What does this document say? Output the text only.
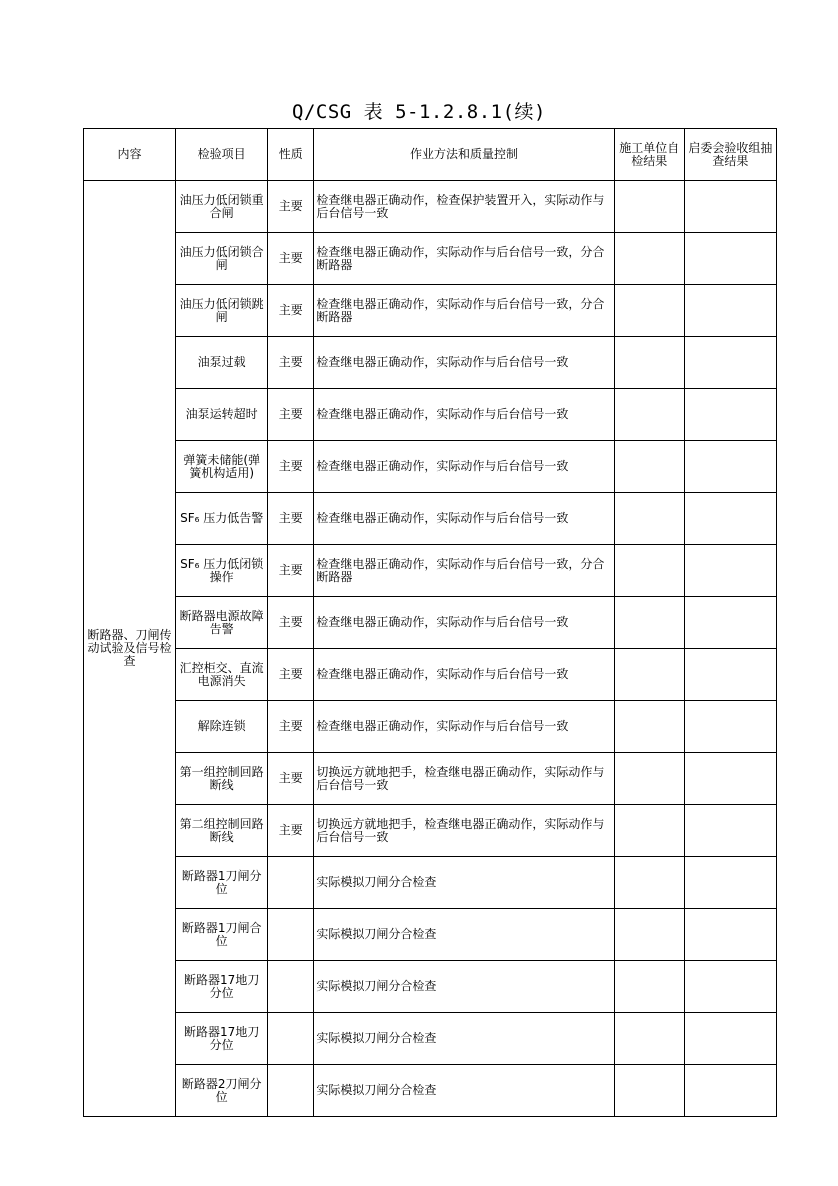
Q/CSG 表 5-1.2.8.1(续)
内容	检验项目	性质	作业方法和质量控制	施工单位自检结果	启委会验收组抽查结果
断路器、刀闸传动试验及信号检查	油压力低闭锁重合闸	主要	检查继电器正确动作，检查保护装置开入，实际动作与后台信号一致		
	油压力低闭锁合闸	主要	检查继电器正确动作，实际动作与后台信号一致，分合断路器		
	油压力低闭锁跳闸	主要	检查继电器正确动作，实际动作与后台信号一致，分合断路器		
	油泵过载	主要	检查继电器正确动作，实际动作与后台信号一致		
	油泵运转超时	主要	检查继电器正确动作，实际动作与后台信号一致		
	弹簧未储能(弹簧机构适用)	主要	检查继电器正确动作，实际动作与后台信号一致		
	SF₆ 压力低告警	主要	检查继电器正确动作，实际动作与后台信号一致		
	SF₆ 压力低闭锁操作	主要	检查继电器正确动作，实际动作与后台信号一致，分合断路器		
	断路器电源故障告警	主要	检查继电器正确动作，实际动作与后台信号一致		
	汇控柜交、直流电源消失	主要	检查继电器正确动作，实际动作与后台信号一致		
	解除连锁	主要	检查继电器正确动作，实际动作与后台信号一致		
	第一组控制回路断线	主要	切换远方就地把手，检查继电器正确动作，实际动作与后台信号一致		
	第二组控制回路断线	主要	切换远方就地把手，检查继电器正确动作，实际动作与后台信号一致		
	断路器1刀闸分位		实际模拟刀闸分合检查		
	断路器1刀闸合位		实际模拟刀闸分合检查		
	断路器17地刀分位		实际模拟刀闸分合检查		
	断路器17地刀分位		实际模拟刀闸分合检查		
	断路器2刀闸分位		实际模拟刀闸分合检查		
